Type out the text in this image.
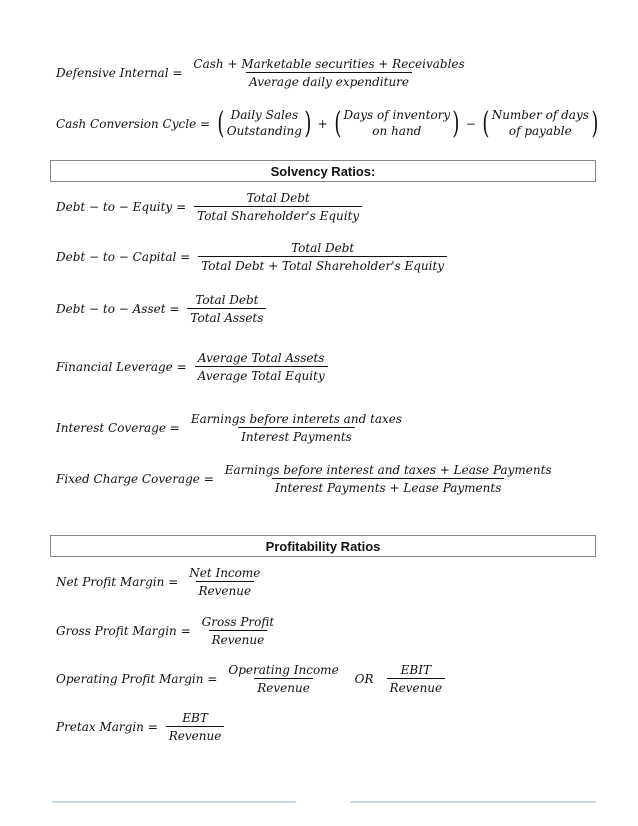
Defensive Internal = $\frac{\text{Cash + Marketable securities + Receivables}}{\text{Average daily expenditure}}$
Cash Conversion Cycle = ( Daily Sales
Outstanding ) + ( Days of inventory
on hand ) − ( Number of days
of payable )
Solvency Ratios:
Debt − to − Equity = $\frac{\text{Total Debt}}{\text{Total Shareholder's Equity}}$
Debt − to − Capital = $\frac{\text{Total Debt}}{\text{Total Debt + Total Shareholder's Equity}}$
Debt − to − Asset = $\frac{\text{Total Debt}}{\text{Total Assets}}$
Financial Leverage = $\frac{\text{Average Total Assets}}{\text{Average Total Equity}}$
Interest Coverage = $\frac{\text{Earnings before interets and taxes}}{\text{Interest Payments}}$
Fixed Charge Coverage = $\frac{\text{Earnings before interest and taxes + Lease Payments}}{\text{Interest Payments + Lease Payments}}$
Profitability Ratios
Net Profit Margin = $\frac{\text{Net Income}}{\text{Revenue}}$
Gross Profit Margin = $\frac{\text{Gross Profit}}{\text{Revenue}}$
Operating Profit Margin = $\frac{\text{Operating Income}}{\text{Revenue}}$ OR $\frac{\text{EBIT}}{\text{Revenue}}$
Pretax Margin = $\frac{\text{EBT}}{\text{Revenue}}$
